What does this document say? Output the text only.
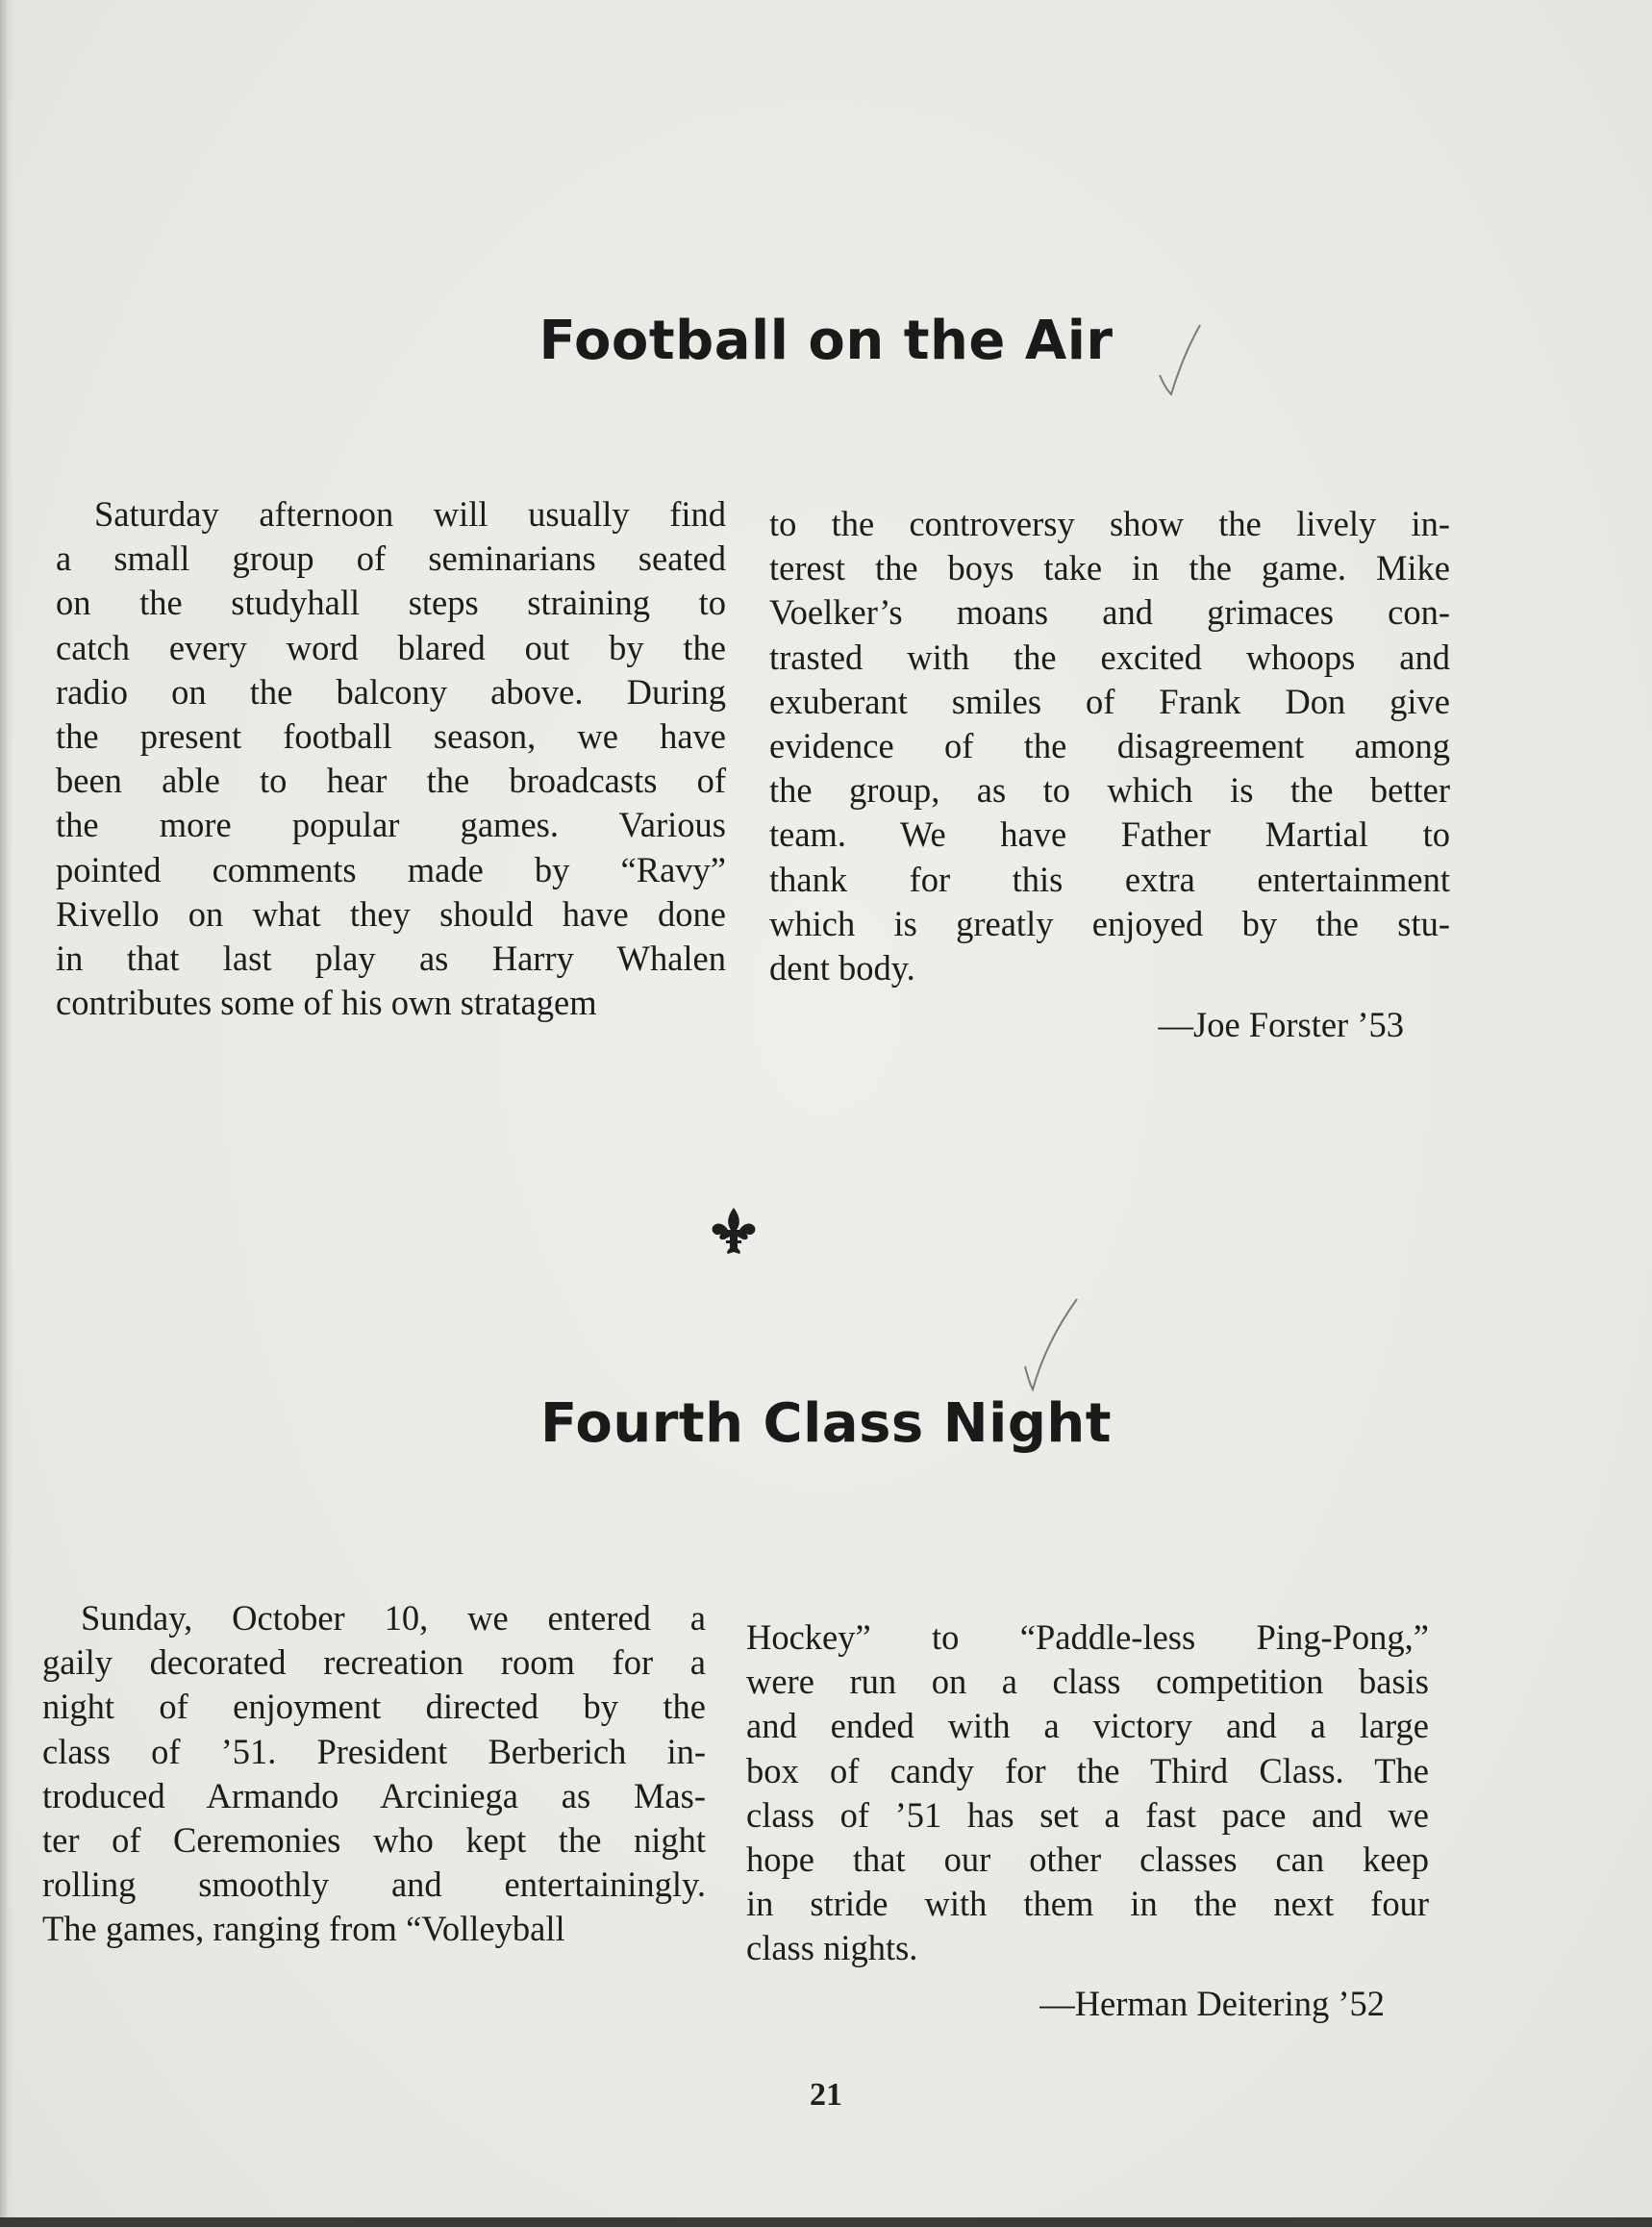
Football on the Air
Saturday afternoon will usually find
a small group of seminarians seated
on the studyhall steps straining to
catch every word blared out by the
radio on the balcony above. During
the present football season, we have
been able to hear the broadcasts of
the more popular games. Various
pointed comments made by “Ravy”
Rivello on what they should have done
in that last play as Harry Whalen
contributes some of his own stratagem
to the controversy show the lively in-
terest the boys take in the game. Mike
Voelker’s moans and grimaces con-
trasted with the excited whoops and
exuberant smiles of Frank Don give
evidence of the disagreement among
the group, as to which is the better
team. We have Father Martial to
thank for this extra entertainment
which is greatly enjoyed by the stu-
dent body.
—Joe Forster ’53
Fourth Class Night
Sunday, October 10, we entered a
gaily decorated recreation room for a
night of enjoyment directed by the
class of ’51. President Berberich in-
troduced Armando Arciniega as Mas-
ter of Ceremonies who kept the night
rolling smoothly and entertainingly.
The games, ranging from “Volleyball
Hockey” to “Paddle-less Ping-Pong,”
were run on a class competition basis
and ended with a victory and a large
box of candy for the Third Class. The
class of ’51 has set a fast pace and we
hope that our other classes can keep
in stride with them in the next four
class nights.
—Herman Deitering ’52
21
